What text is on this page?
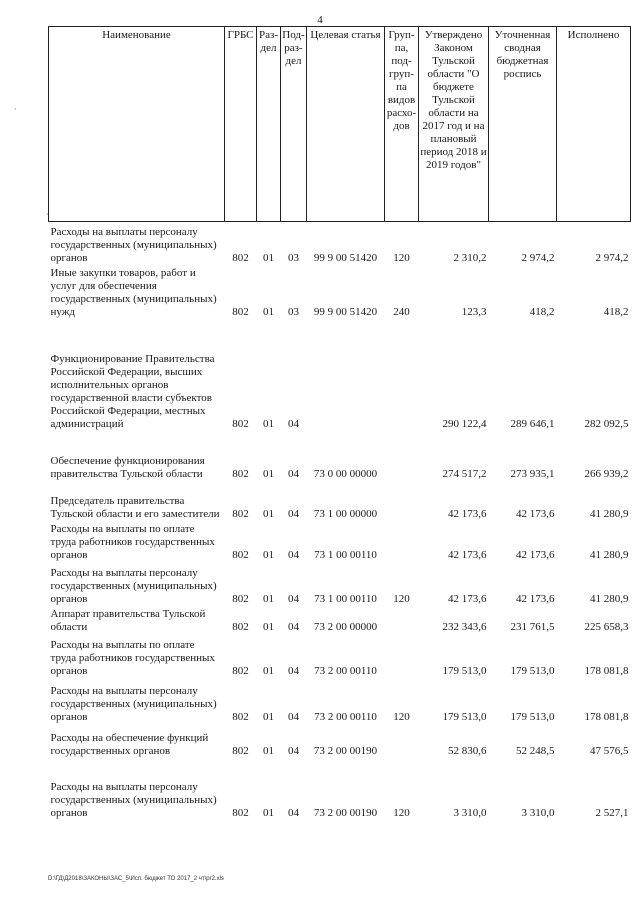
4
Наименование	ГРБС	Раз-дел	Под-раз-дел	Целевая статья	Груп-па, под-груп-па видов расхо-дов	Утверждено Законом Тульской области "О бюджете Тульской области на 2017 год и на плановый период 2018 и 2019 годов"	Уточненная сводная бюджетная роспись	Исполнено
Расходы на выплаты персоналу государственных (муниципальных) органов	802	01	03	99 9 00 51420	120	2 310,2	2 974,2	2 974,2
Иные закупки товаров, работ и услуг для обеспечения государственных (муниципальных) нужд	802	01	03	99 9 00 51420	240	123,3	418,2	418,2
Функционирование Правительства Российской Федерации, высших исполнительных органов государственной власти субъектов Российской Федерации, местных администраций	802	01	04			290 122,4	289 646,1	282 092,5
Обеспечение функционирования правительства Тульской области	802	01	04	73 0 00 00000		274 517,2	273 935,1	266 939,2
Председатель правительства Тульской области и его заместители	802	01	04	73 1 00 00000		42 173,6	42 173,6	41 280,9
Расходы на выплаты по оплате труда работников государственных органов	802	01	04	73 1 00 00110		42 173,6	42 173,6	41 280,9
Расходы на выплаты персоналу государственных (муниципальных) органов	802	01	04	73 1 00 00110	120	42 173,6	42 173,6	41 280,9
Аппарат правительства Тульской области	802	01	04	73 2 00 00000		232 343,6	231 761,5	225 658,3
Расходы на выплаты по оплате труда работников государственных органов	802	01	04	73 2 00 00110		179 513,0	179 513,0	178 081,8
Расходы на выплаты персоналу государственных (муниципальных) органов	802	01	04	73 2 00 00110	120	179 513,0	179 513,0	178 081,8
Расходы на обеспечение функций государственных органов	802	01	04	73 2 00 00190		52 830,6	52 248,5	47 576,5
Расходы на выплаты персоналу государственных (муниципальных) органов	802	01	04	73 2 00 00190	120	3 310,0	3 310,0	2 527,1
D:\ГД\Д2018\ЗАКОНЫ\ЗАС_5\Исп. бюджет ТО 2017_2 чт\pr2.xls
·
·
